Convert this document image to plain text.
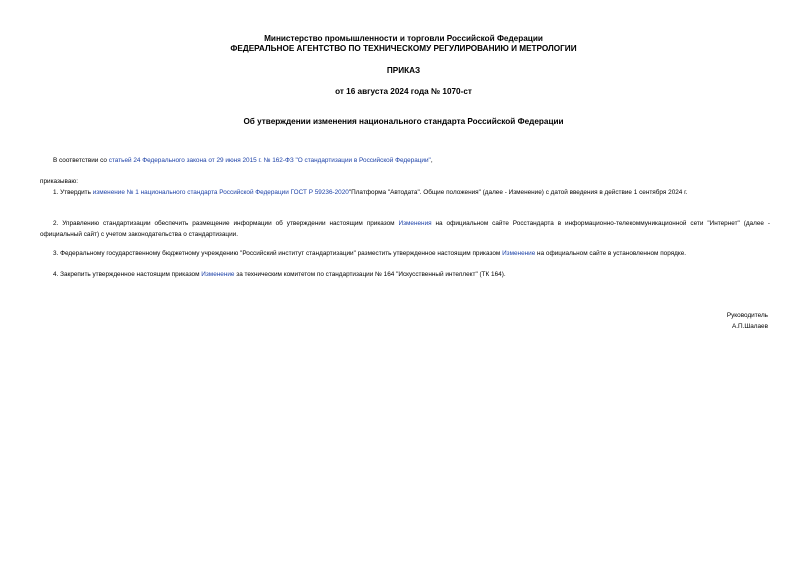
Министерство промышленности и торговли Российской Федерации
ФЕДЕРАЛЬНОЕ АГЕНТСТВО ПО ТЕХНИЧЕСКОМУ РЕГУЛИРОВАНИЮ И МЕТРОЛОГИИ
ПРИКАЗ
от 16 августа 2024 года № 1070-ст
Об утверждении изменения национального стандарта Российской Федерации
В соответствии со статьей 24 Федерального закона от 29 июня 2015 г. № 162-ФЗ "О стандартизации в Российской Федерации",
приказываю:
1. Утвердить изменение № 1 национального стандарта Российской Федерации ГОСТ Р 59236-2020"Платформа "Автодата". Общие положения" (далее - Изменение) с датой введения в действие 1 сентября 2024 г.
2. Управлению стандартизации обеспечить размещение информации об утверждении настоящим приказом Изменения на официальном сайте Росстандарта в информационно-телекоммуникационной сети "Интернет" (далее - официальный сайт) с учетом законодательства о стандартизации.
3. Федеральному государственному бюджетному учреждению "Российский институт стандартизации" разместить утвержденное настоящим приказом Изменение на официальном сайте в установленном порядке.
4. Закрепить утвержденное настоящим приказом Изменение за техническим комитетом по стандартизации № 164 "Искусственный интеллект" (ТК 164).
Руководитель
А.П.Шалаев
